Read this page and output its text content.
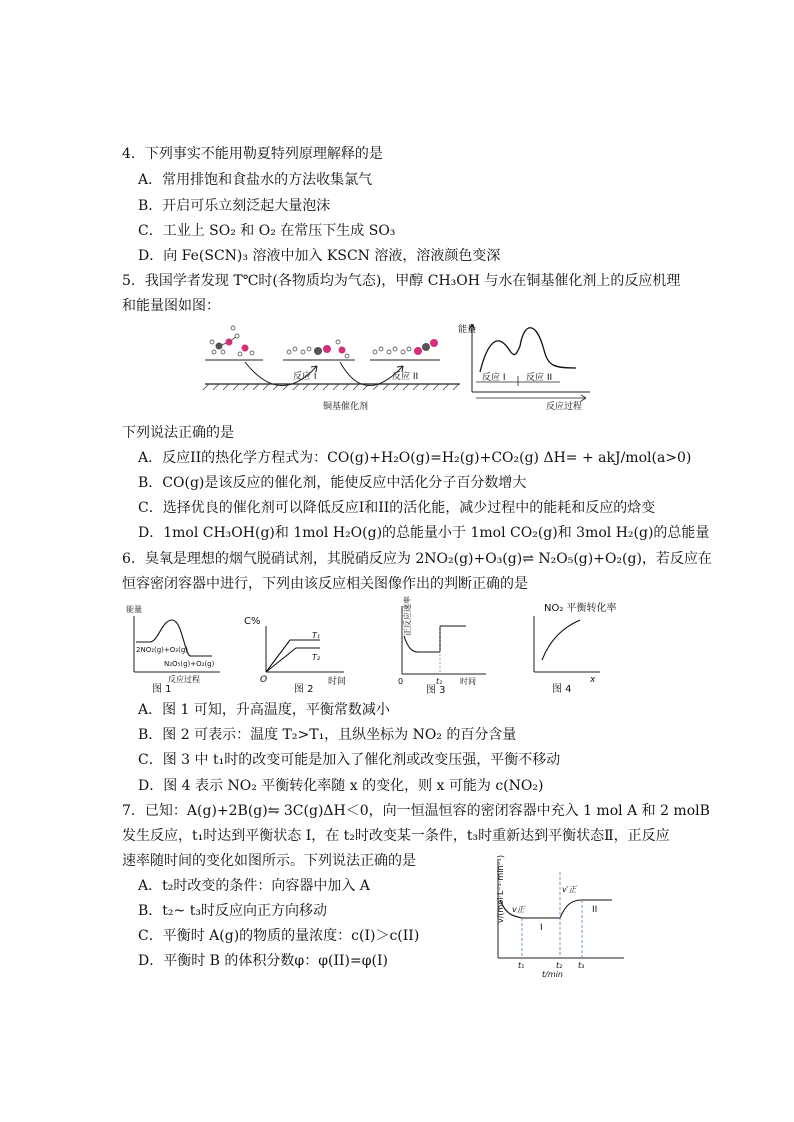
4．下列事实不能用勒夏特列原理解释的是
A．常用排饱和食盐水的方法收集氯气
B．开启可乐立刻泛起大量泡沫
C．工业上 SO₂ 和 O₂ 在常压下生成 SO₃
D．向 Fe(SCN)₃ 溶液中加入 KSCN 溶液，溶液颜色变深
5．我国学者发现 T℃时(各物质均为气态)，甲醇 CH₃OH 与水在铜基催化剂上的反应机理
和能量图如图：
反应 I	反应 II
铜基催化剂
能量
反应 I 反应 II
反应过程
下列说法正确的是
A．反应II的热化学方程式为：CO(g)+H₂O(g)=H₂(g)+CO₂(g) ΔH= + akJ/mol(a>0)
B．CO(g)是该反应的催化剂，能使反应中活化分子百分数增大
C．选择优良的催化剂可以降低反应I和II的活化能，减少过程中的能耗和反应的焓变
D．1mol CH₃OH(g)和 1mol H₂O(g)的总能量小于 1mol CO₂(g)和 3mol H₂(g)的总能量
6．臭氧是理想的烟气脱硝试剂，其脱硝反应为 2NO₂(g)+O₃(g)⇌ N₂O₅(g)+O₂(g)，若反应在
恒容密闭容器中进行，下列由该反应相关图像作出的判断正确的是
能量
2NO₂(g)+O₃(g)
N₂O₅(g)+O₂(g)
反应过程
图 1
C%
T₁
T₂
O	时间
图 2
正反应速率
0	t₁ 时间
图 3
NO₂ 平衡转化率
x
图 4
A．图 1 可知，升高温度，平衡常数减小
B．图 2 可表示：温度 T₂>T₁，且纵坐标为 NO₂ 的百分含量
C．图 3 中 t₁时的改变可能是加入了催化剂或改变压强，平衡不移动
D．图 4 表示 NO₂ 平衡转化率随 x 的变化，则 x 可能为 c(NO₂)
7．已知：A(g)+2B(g)⇋ 3C(g)ΔH＜0，向一恒温恒容的密闭容器中充入 1 mol A 和 2 molB
发生反应，t₁时达到平衡状态 I，在 t₂时改变某一条件，t₃时重新达到平衡状态Ⅱ，正反应
速率随时间的变化如图所示。下列说法正确的是
A．t₂时改变的条件：向容器中加入 A
B．t₂~ t₃时反应向正方向移动
C．平衡时 A(g)的物质的量浓度：c(I)＞c(II)
D．平衡时 B 的体积分数φ：φ(II)=φ(I)
v/(mol·L⁻¹·min⁻¹) v正
v′正
I
II
t₁	t₂ t₃
t/min
